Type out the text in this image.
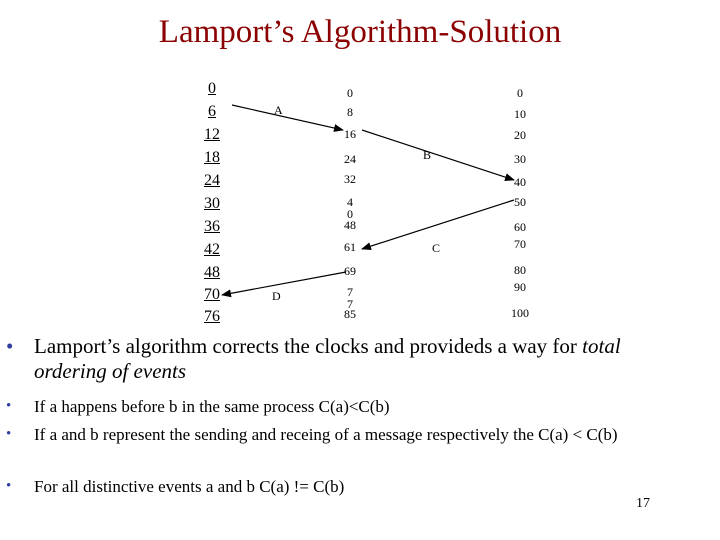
Lamport’s Algorithm-Solution
0
6
12
18
24
30
36
42
48
70
76
0
8
16
24
32
4
0
48
61
69
7
7
85
0
10
20
30
40
50
60
70
80
90
100
A
B
C
D
• Lamport’s algorithm corrects the clocks and provideds a way for total ordering of events
• If a happens before b in the same process C(a)<C(b)
• If a and b represent the sending and receing of a message respectively the C(a) < C(b)
• For all distinctive events a and b C(a) != C(b)
17
